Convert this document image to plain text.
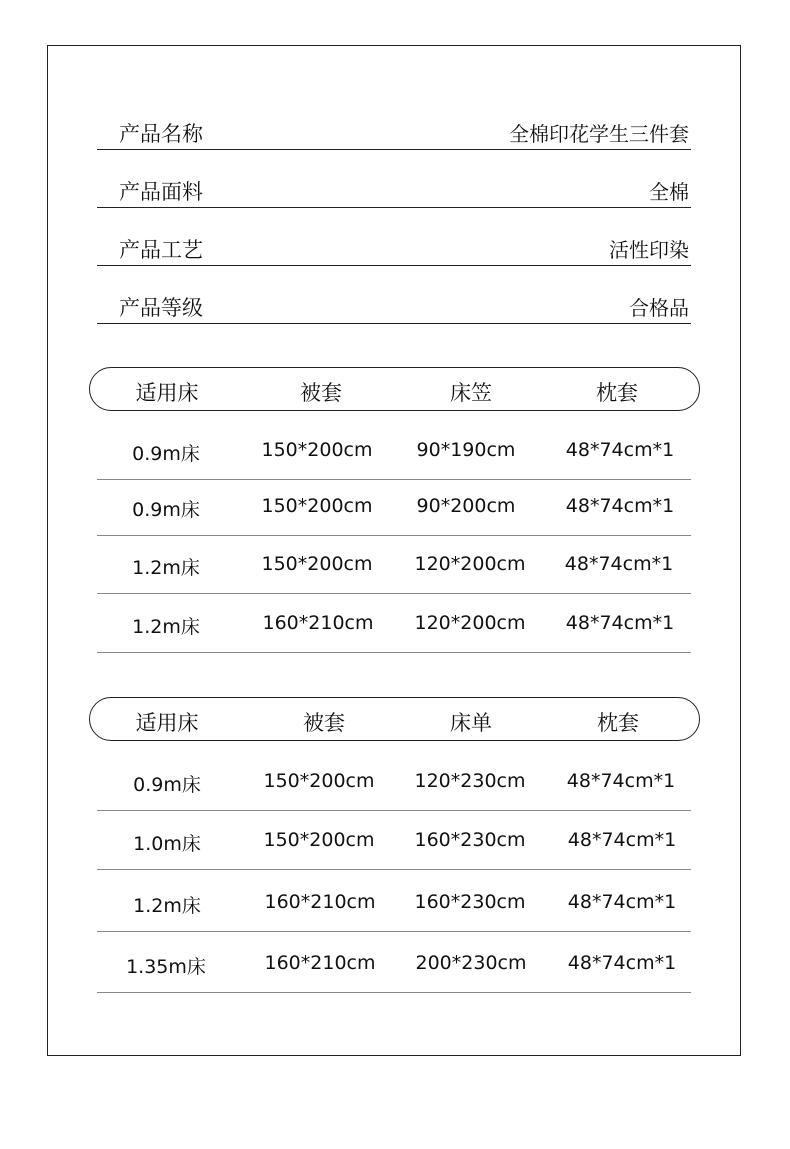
产品名称	全棉印花学生三件套
产品面料	全棉
产品工艺	活性印染
产品等级	合格品
适用床	被套	床笠	枕套
0.9m床	150*200cm 90*190cm	48*74cm*1
0.9m床	150*200cm 90*200cm	48*74cm*1
1.2m床	150*200cm 120*200cm 48*74cm*1
1.2m床	160*210cm 120*200cm 48*74cm*1
适用床	被套	床单	枕套
0.9m床	150*200cm 120*230cm 48*74cm*1
1.0m床	150*200cm 160*230cm 48*74cm*1
1.2m床	160*210cm 160*230cm 48*74cm*1
1.35m床	160*210cm 200*230cm 48*74cm*1
